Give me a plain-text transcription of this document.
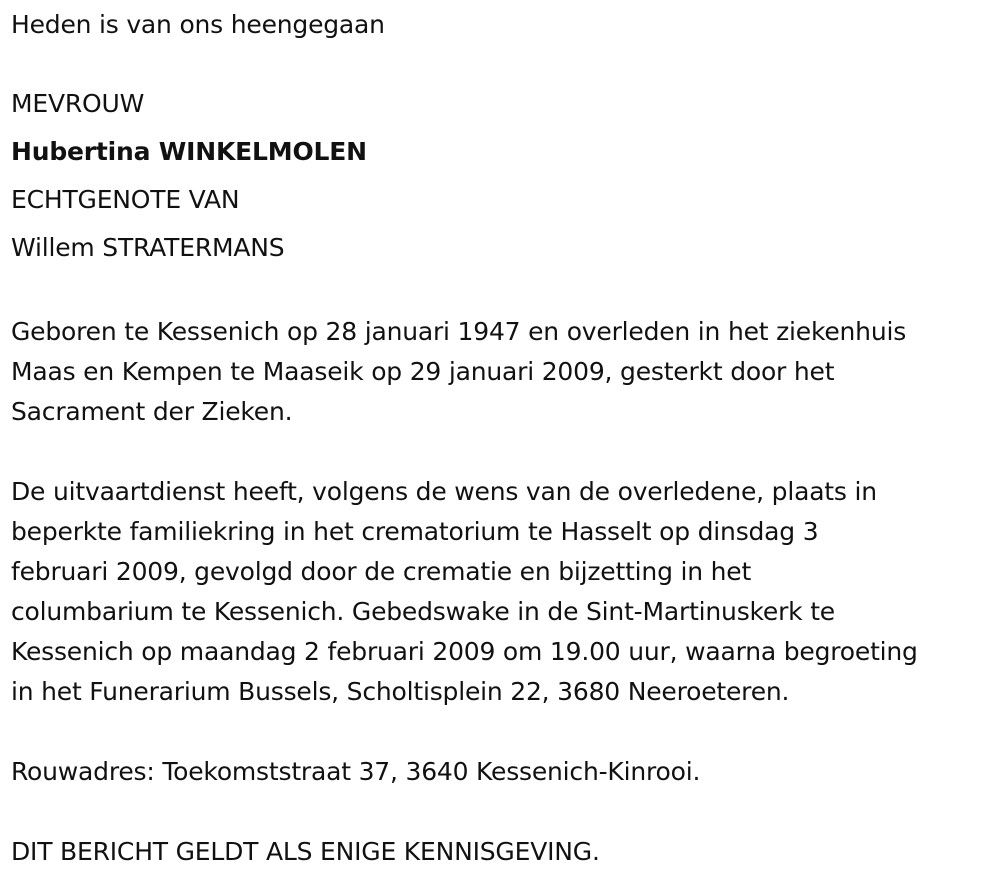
Heden is van ons heengegaan

MEVROUW

Hubertina WINKELMOLEN

ECHTGENOTE VAN

Willem STRATERMANS

Geboren te Kessenich op 28 januari 1947 en overleden in het ziekenhuis

Maas en Kempen te Maaseik op 29 januari 2009, gesterkt door het

Sacrament der Zieken.

De uitvaartdienst heeft, volgens de wens van de overledene, plaats in

beperkte familiekring in het crematorium te Hasselt op dinsdag 3

februari 2009, gevolgd door de crematie en bijzetting in het

columbarium te Kessenich. Gebedswake in de Sint-Martinuskerk te

Kessenich op maandag 2 februari 2009 om 19.00 uur, waarna begroeting

in het Funerarium Bussels, Scholtisplein 22, 3680 Neeroeteren.

Rouwadres: Toekomststraat 37, 3640 Kessenich-Kinrooi.

DIT BERICHT GELDT ALS ENIGE KENNISGEVING.
